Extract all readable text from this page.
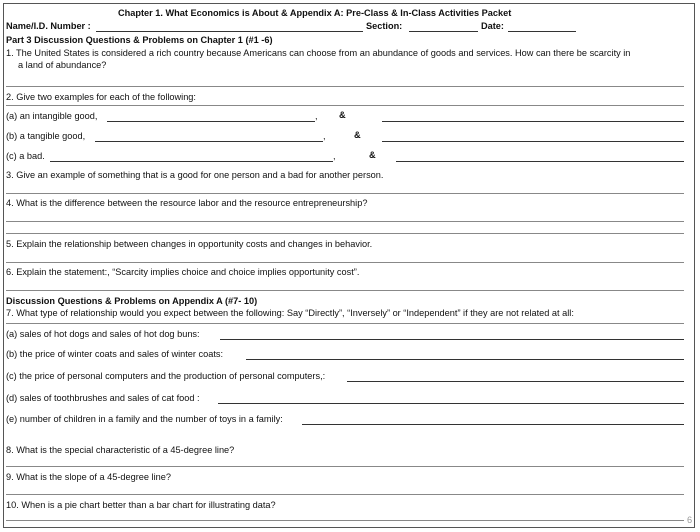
Chapter 1. What Economics is About & Appendix A: Pre-Class & In-Class Activities Packet
Name/I.D. Number :	Section:	Date:
Part 3 Discussion Questions & Problems on Chapter 1 (#1 -6)
1. The United States is considered a rich country because Americans can choose from an abundance of goods and services. How can there be scarcity in
a land of abundance?
2. Give two examples for each of the following:
(a) an intangible good,	, &
(b) a tangible good,	,	&
(c) a bad.	,	&
3. Give an example of something that is a good for one person and a bad for another person.
4. What is the difference between the resource labor and the resource entrepreneurship?
5. Explain the relationship between changes in opportunity costs and changes in behavior.
6. Explain the statement:, “Scarcity implies choice and choice implies opportunity cost”.
Discussion Questions & Problems on Appendix A (#7- 10)
7. What type of relationship would you expect between the following: Say “Directly”, “Inversely” or “Independent” if they are not related at all:
(a) sales of hot dogs and sales of hot dog buns:
(b) the price of winter coats and sales of winter coats:
(c) the price of personal computers and the production of personal computers,:
(d) sales of toothbrushes and sales of cat food :
(e) number of children in a family and the number of toys in a family:
8. What is the special characteristic of a 45-degree line?
9. What is the slope of a 45-degree line?
10. When is a pie chart better than a bar chart for illustrating data?
6
